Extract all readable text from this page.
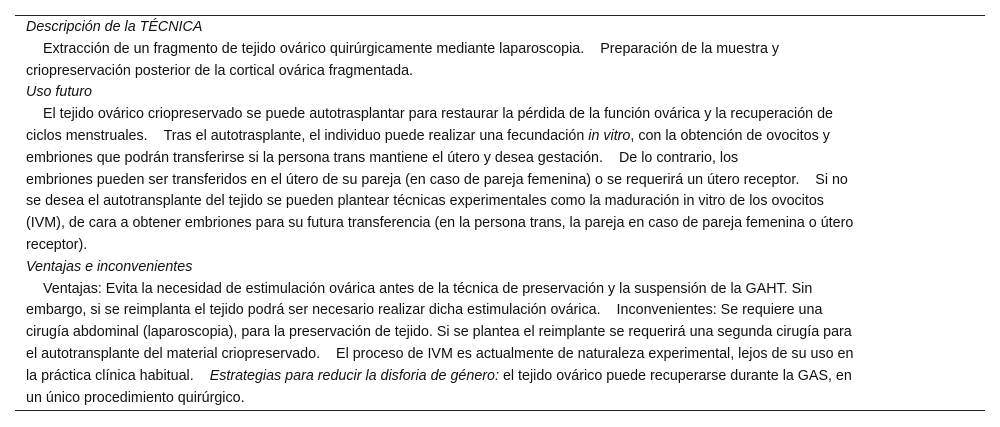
Descripción de la TÉCNICA
Extracción de un fragmento de tejido ovárico quirúrgicamente mediante laparoscopia. Preparación de la muestra y
criopreservación posterior de la cortical ovárica fragmentada.
Uso futuro
El tejido ovárico criopreservado se puede autotrasplantar para restaurar la pérdida de la función ovárica y la recuperación de
ciclos menstruales. Tras el autotrasplante, el individuo puede realizar una fecundación in vitro, con la obtención de ovocitos y
embriones que podrán transferirse si la persona trans mantiene el útero y desea gestación. De lo contrario, los
embriones pueden ser transferidos en el útero de su pareja (en caso de pareja femenina) o se requerirá un útero receptor. Si no
se desea el autotransplante del tejido se pueden plantear técnicas experimentales como la maduración in vitro de los ovocitos
(IVM), de cara a obtener embriones para su futura transferencia (en la persona trans, la pareja en caso de pareja femenina o útero
receptor).
Ventajas e inconvenientes
Ventajas: Evita la necesidad de estimulación ovárica antes de la técnica de preservación y la suspensión de la GAHT. Sin
embargo, si se reimplanta el tejido podrá ser necesario realizar dicha estimulación ovárica. Inconvenientes: Se requiere una
cirugía abdominal (laparoscopia), para la preservación de tejido. Si se plantea el reimplante se requerirá una segunda cirugía para
el autotransplante del material criopreservado. El proceso de IVM es actualmente de naturaleza experimental, lejos de su uso en
la práctica clínica habitual. Estrategias para reducir la disforia de género: el tejido ovárico puede recuperarse durante la GAS, en
un único procedimiento quirúrgico.
